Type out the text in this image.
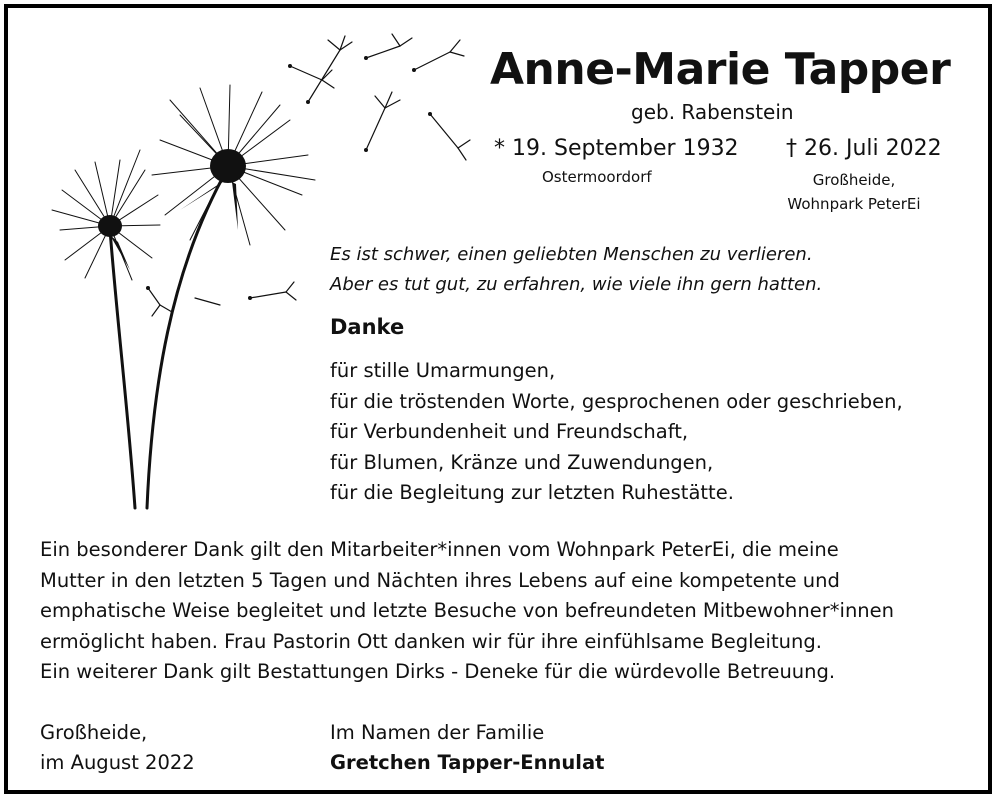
Anne-Marie Tapper
geb. Rabenstein
* 19. September 1932 † 26. Juli 2022
Ostermoordorf	Großheide,
Wohnpark PeterEi
Es ist schwer, einen geliebten Menschen zu verlieren.
Aber es tut gut, zu erfahren, wie viele ihn gern hatten.
Danke
für stille Umarmungen,
für die tröstenden Worte, gesprochenen oder geschrieben,
für Verbundenheit und Freundschaft,
für Blumen, Kränze und Zuwendungen,
für die Begleitung zur letzten Ruhestätte.
Ein besonderer Dank gilt den Mitarbeiter*innen vom Wohnpark PeterEi, die meine
Mutter in den letzten 5 Tagen und Nächten ihres Lebens auf eine kompetente und
emphatische Weise begleitet und letzte Besuche von befreundeten Mitbewohner*innen
ermöglicht haben. Frau Pastorin Ott danken wir für ihre einfühlsame Begleitung.
Ein weiterer Dank gilt Bestattungen Dirks - Deneke für die würdevolle Betreuung.
Großheide,
im August 2022
Im Namen der Familie
Gretchen Tapper-Ennulat
